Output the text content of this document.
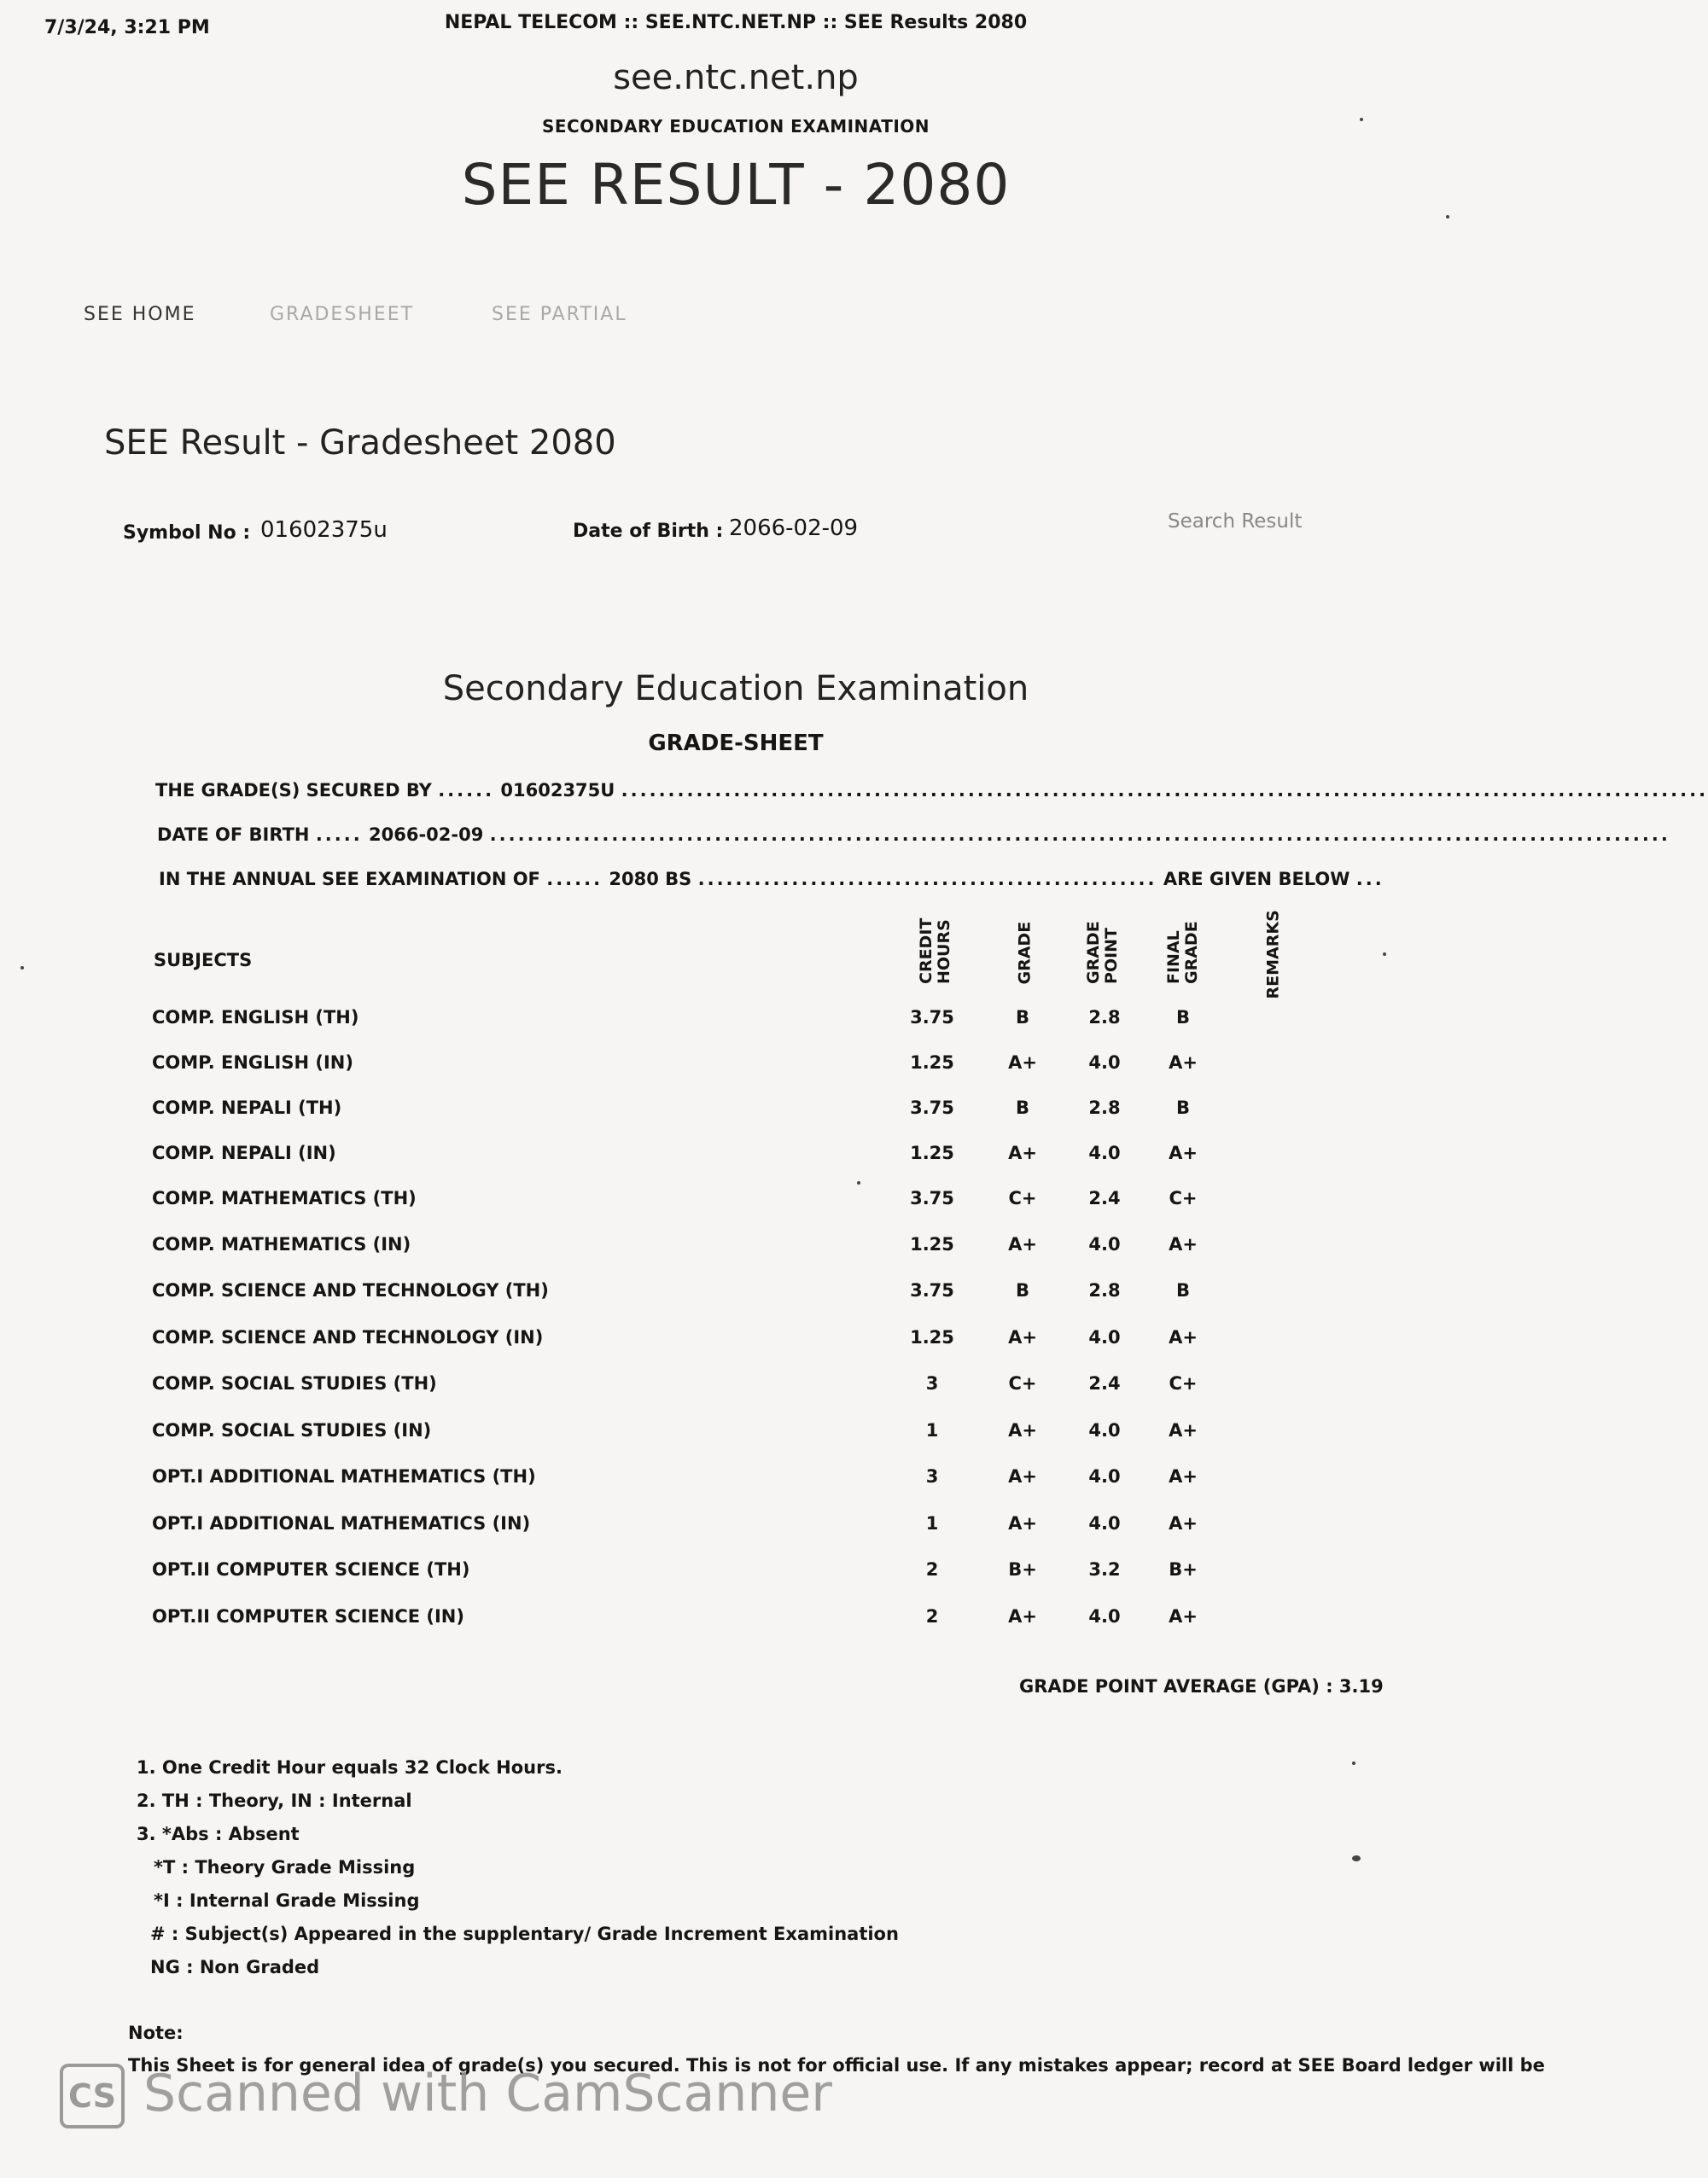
7/3/24, 3:21 PM	NEPAL TELECOM :: SEE.NTC.NET.NP :: SEE Results 2080
see.ntc.net.np
SECONDARY EDUCATION EXAMINATION
SEE RESULT - 2080
SEE HOME	GRADESHEET	SEE PARTIAL
SEE Result - Gradesheet 2080
Symbol No : 01602375u	Date of Birth : 2066-02-09	Search Result
Secondary Education Examination
GRADE-SHEET
THE GRADE(S) SECURED BY ...... 01602375U ....................................................................................................................
DATE OF BIRTH ..... 2066-02-09 ..............................................................................................................................
IN THE ANNUAL SEE EXAMINATION OF ...... 2080 BS ................................................. ARE GIVEN BELOW ...
SUBJECTS	CREDIT HOURS	GRADE	GRADE POINT	FINAL GRADE	REMARKS
COMP. ENGLISH (TH)	3.75	B	2.8	B
COMP. ENGLISH (IN)	1.25	A+	4.0	A+
COMP. NEPALI (TH)	3.75	B	2.8	B
COMP. NEPALI (IN)	1.25	A+	4.0	A+
COMP. MATHEMATICS (TH)	3.75	C+	2.4	C+
COMP. MATHEMATICS (IN)	1.25	A+	4.0	A+
COMP. SCIENCE AND TECHNOLOGY (TH)	3.75	B	2.8	B
COMP. SCIENCE AND TECHNOLOGY (IN)	1.25	A+	4.0	A+
COMP. SOCIAL STUDIES (TH)	3	C+	2.4	C+
COMP. SOCIAL STUDIES (IN)	1	A+	4.0	A+
OPT.I ADDITIONAL MATHEMATICS (TH)	3	A+	4.0	A+
OPT.I ADDITIONAL MATHEMATICS (IN)	1	A+	4.0	A+
OPT.II COMPUTER SCIENCE (TH)	2	B+	3.2	B+
OPT.II COMPUTER SCIENCE (IN)	2	A+	4.0	A+
GRADE POINT AVERAGE (GPA) : 3.19
1. One Credit Hour equals 32 Clock Hours.
2. TH : Theory, IN : Internal
3. *Abs : Absent
*T : Theory Grade Missing
*I : Internal Grade Missing
# : Subject(s) Appeared in the supplentary/ Grade Increment Examination
NG : Non Graded
Note:
This Sheet is for general idea of grade(s) you secured. This is not for official use. If any mistakes appear; record at SEE Board ledger will be
CS Scanned with CamScanner
